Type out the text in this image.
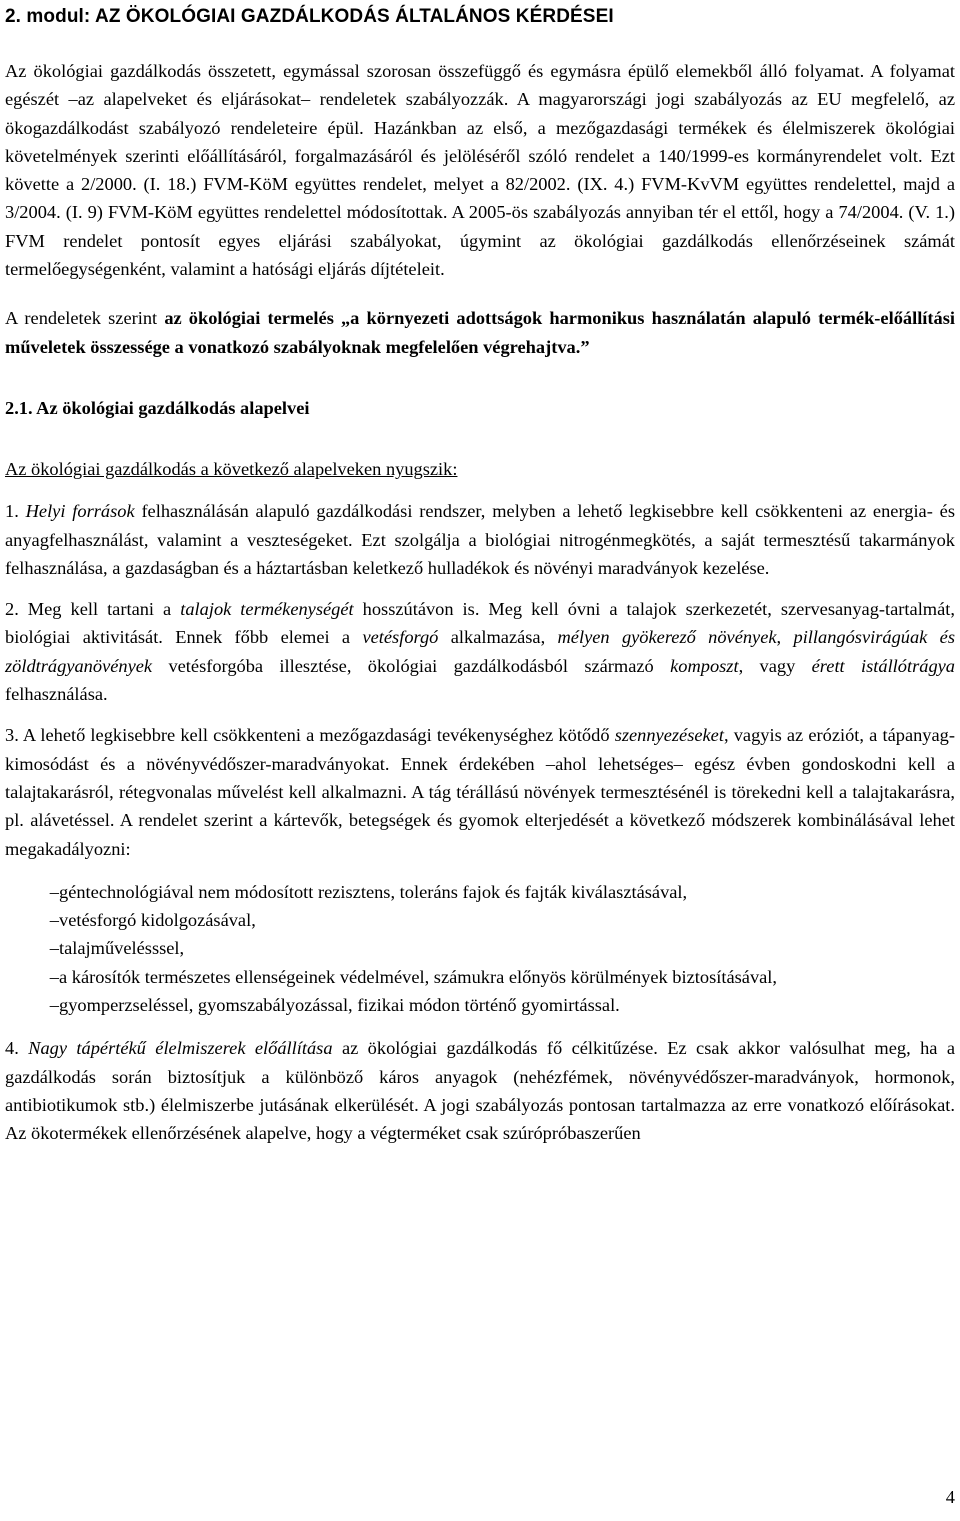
2. modul: AZ ÖKOLÓGIAI GAZDÁLKODÁS ÁLTALÁNOS KÉRDÉSEI

Az ökológiai gazdálkodás összetett, egymással szorosan összefüggő és egymásra épülő elemekből álló folyamat. A folyamat egészét –az alapelveket és eljárásokat– rendeletek szabályozzák. A magyarországi jogi szabályozás az EU megfelelő, az ökogazdálkodást szabályozó rendeleteire épül. Hazánkban az első, a mezőgazdasági termékek és élelmiszerek ökológiai követelmények szerinti előállításáról, forgalmazásáról és jelöléséről szóló rendelet a 140/1999-es kormányrendelet volt. Ezt követte a 2/2000. (I. 18.) FVM-KöM együttes rendelet, melyet a 82/2002. (IX. 4.) FVM-KvVM együttes rendelettel, majd a 3/2004. (I. 9) FVM-KöM együttes rendelettel módosítottak. A 2005-ös szabályozás annyiban tér el ettől, hogy a 74/2004. (V. 1.) FVM rendelet pontosít egyes eljárási szabályokat, úgymint az ökológiai gazdálkodás ellenőrzéseinek számát termelőegységenként, valamint a hatósági eljárás díjtételeit.

A rendeletek szerint az ökológiai termelés „a környezeti adottságok harmonikus használatán alapuló termék-előállítási műveletek összessége a vonatkozó szabályoknak megfelelően végrehajtva.”

2.1. Az ökológiai gazdálkodás alapelvei

Az ökológiai gazdálkodás a következő alapelveken nyugszik:

1. Helyi források felhasználásán alapuló gazdálkodási rendszer, melyben a lehető legkisebbre kell csökkenteni az energia- és anyagfelhasználást, valamint a veszteségeket. Ezt szolgálja a biológiai nitrogénmegkötés, a saját termesztésű takarmányok felhasználása, a gazdaságban és a háztartásban keletkező hulladékok és növényi maradványok kezelése.

2. Meg kell tartani a talajok termékenységét hosszútávon is. Meg kell óvni a talajok szerkezetét, szervesanyag-tartalmát, biológiai aktivitását. Ennek főbb elemei a vetésforgó alkalmazása, mélyen gyökerező növények, pillangósvirágúak és zöldtrágyanövények vetésforgóba illesztése, ökológiai gazdálkodásból származó komposzt, vagy érett istállótrágya felhasználása.

3. A lehető legkisebbre kell csökkenteni a mezőgazdasági tevékenységhez kötődő szennyezéseket, vagyis az eróziót, a tápanyag-kimosódást és a növényvédőszer-maradványokat. Ennek érdekében –ahol lehetséges– egész évben gondoskodni kell a talajtakarásról, rétegvonalas művelést kell alkalmazni. A tág térállású növények termesztésénél is törekedni kell a talajtakarásra, pl. alávetéssel. A rendelet szerint a kártevők, betegségek és gyomok elterjedését a következő módszerek kombinálásával lehet megakadályozni:

–géntechnológiával nem módosított rezisztens, toleráns fajok és fajták kiválasztásával,
–vetésforgó kidolgozásával,
–talajművelésssel,
–a károsítók természetes ellenségeinek védelmével, számukra előnyös körülmények biztosításával,
–gyomperzseléssel, gyomszabályozással, fizikai módon történő gyomirtással.

4. Nagy tápértékű élelmiszerek előállítása az ökológiai gazdálkodás fő célkitűzése. Ez csak akkor valósulhat meg, ha a gazdálkodás során biztosítjuk a különböző káros anyagok (nehézfémek, növényvédőszer-maradványok, hormonok, antibiotikumok stb.) élelmiszerbe jutásának elkerülését. A jogi szabályozás pontosan tartalmazza az erre vonatkozó előírásokat. Az ökotermékek ellenőrzésének alapelve, hogy a végterméket csak szúrópróbaszerűen

4
